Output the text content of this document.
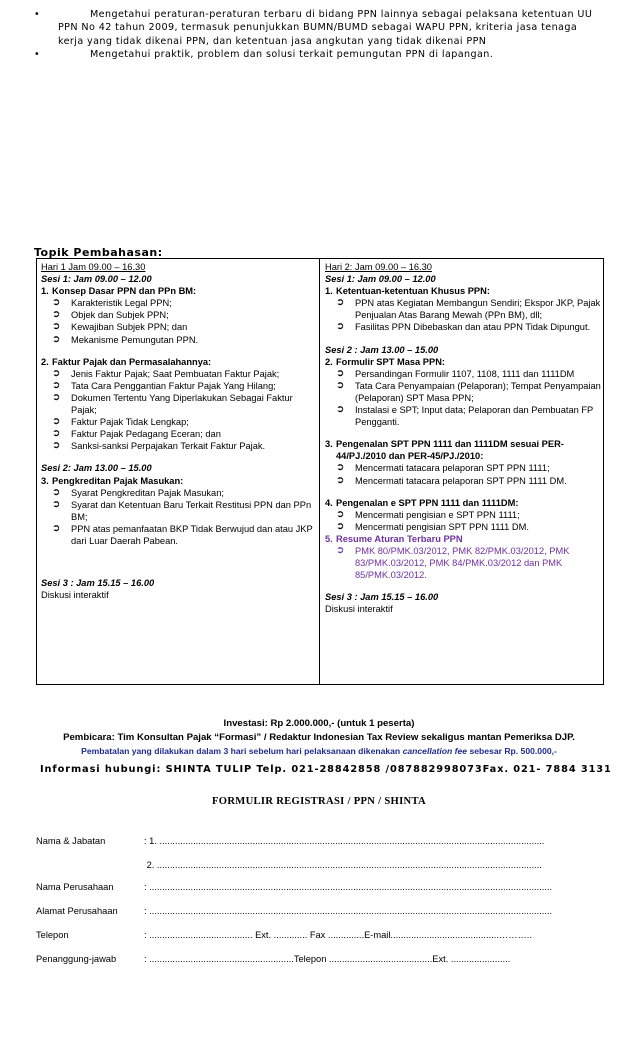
•	Mengetahui peraturan-peraturan terbaru di bidang PPN lainnya sebagai pelaksana ketentuan UU
PPN No 42 tahun 2009, termasuk penunjukkan BUMN/BUMD sebagai WAPU PPN, kriteria jasa tenaga
kerja yang tidak dikenai PPN, dan ketentuan jasa angkutan yang tidak dikenai PPN
•	Mengetahui praktik, problem dan solusi terkait pemungutan PPN di lapangan.
Topik Pembahasan:
Hari 1 Jam 09.00 – 16.30
Sesi 1: Jam 09.00 – 12.00
1. Konsep Dasar PPN dan PPn BM:
➲ Karakteristik Legal PPN;
➲ Objek dan Subjek PPN;
➲ Kewajiban Subjek PPN; dan
➲ Mekanisme Pemungutan PPN.
2. Faktur Pajak dan Permasalahannya:
➲ Jenis Faktur Pajak; Saat Pembuatan Faktur Pajak;
➲ Tata Cara Penggantian Faktur Pajak Yang Hilang;
➲ Dokumen Tertentu Yang Diperlakukan Sebagai Faktur Pajak;
➲ Faktur Pajak Tidak Lengkap;
➲ Faktur Pajak Pedagang Eceran; dan
➲ Sanksi-sanksi Perpajakan Terkait Faktur Pajak.
Sesi 2: Jam 13.00 – 15.00
3. Pengkreditan Pajak Masukan:
➲ Syarat Pengkreditan Pajak Masukan;
➲ Syarat dan Ketentuan Baru Terkait Restitusi PPN dan PPn BM;
➲ PPN atas pemanfaatan BKP Tidak Berwujud dan atau JKP dari Luar Daerah Pabean.
Sesi 3 : Jam 15.15 – 16.00
Diskusi interaktif
Hari 2: Jam 09.00 – 16.30
Sesi 1: Jam 09.00 – 12.00
1. Ketentuan-ketentuan Khusus PPN:
➲ PPN atas Kegiatan Membangun Sendiri; Ekspor JKP, Pajak Penjualan Atas Barang Mewah (PPn BM), dll;
➲ Fasilitas PPN Dibebaskan dan atau PPN Tidak Dipungut.
Sesi 2 : Jam 13.00 – 15.00
2. Formulir SPT Masa PPN:
➲ Persandingan Formulir 1107, 1108, 1111 dan 1111DM
➲ Tata Cara Penyampaian (Pelaporan); Tempat Penyampaian (Pelaporan) SPT Masa PPN;
➲ Instalasi e SPT; Input data; Pelaporan dan Pembuatan FP Pengganti.
3. Pengenalan SPT PPN 1111 dan 1111DM sesuai PER-44/PJ./2010 dan PER-45/PJ./2010:
➲ Mencermati tatacara pelaporan SPT PPN 1111;
➲ Mencermati tatacara pelaporan SPT PPN 1111 DM.
4. Pengenalan e SPT PPN 1111 dan 1111DM:
➲ Mencermati pengisian e SPT PPN 1111;
➲ Mencermati pengisian SPT PPN 1111 DM.
5. Resume Aturan Terbaru PPN
➲ PMK 80/PMK.03/2012, PMK 82/PMK.03/2012, PMK 83/PMK.03/2012, PMK 84/PMK.03/2012 dan PMK 85/PMK.03/2012.
Sesi 3 : Jam 15.15 – 16.00
Diskusi interaktif
Investasi: Rp 2.000.000,- (untuk 1 peserta)
Pembicara: Tim Konsultan Pajak “Formasi” / Redaktur Indonesian Tax Review sekaligus mantan Pemeriksa DJP.
Pembatalan yang dilakukan dalam 3 hari sebelum hari pelaksanaan dikenakan cancellation fee sebesar Rp. 500.000,-
Informasi hubungi: SHINTA TULIP Telp. 021-28842858 /087882998073Fax. 021- 7884 3131
FORMULIR REGISTRASI / PPN / SHINTA
Nama & Jabatan	: 1. .....................................................................................................................................................
2. .....................................................................................................................................................
Nama Perusahaan	: ............................................................................................................................................................
Alamat Perusahaan	: ............................................................................................................................................................
Telepon	: ........................................ Ext. ............. Fax ..............E-mail..........................................………..
Penanggung-jawab	: ........................................................Telepon ........................................Ext. .......................
